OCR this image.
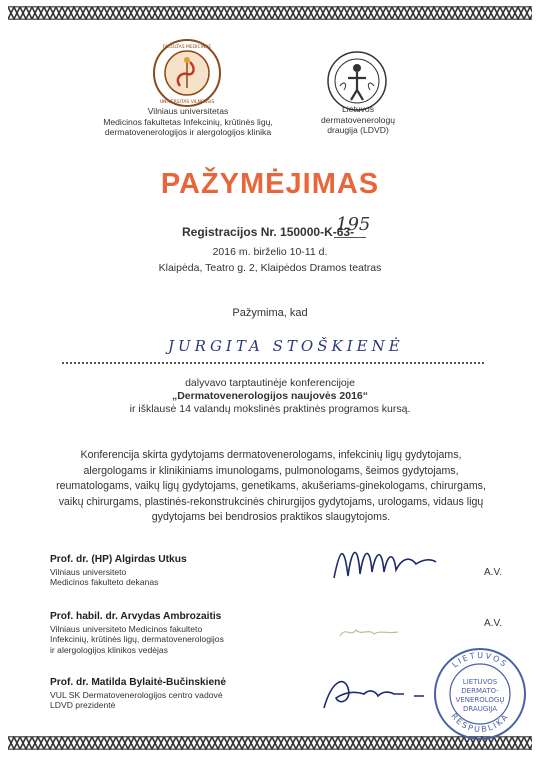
FACULTAS MEDICINAE
UNIVERSITAS VILNENSIS
Vilniaus universitetas
Medicinos fakultetas Infekcinių, krūtinės ligų,
dermatovenerologijos ir alergologijos klinika
Lietuvos dermatovenerologų
draugija (LDVD)
PAŽYMĖJIMAS
Registracijos Nr. 150000-K-63-
195
2016 m. birželio 10-11 d.
Klaipėda, Teatro g. 2, Klaipėdos Dramos teatras
Pažymima, kad
JURGITA STOŠKIENĖ
dalyvavo tarptautinėje konferencijoje
„Dermatovenerologijos naujovės 2016“
ir išklausė 14 valandų mokslinės praktinės programos kursą.
Konferencija skirta gydytojams dermatovenerologams, infekcinių ligų gydytojams, alergologams ir klinikiniams imunologams, pulmonologams, šeimos gydytojams, reumatologams, vaikų ligų gydytojams, genetikams, akušeriams-ginekologams, chirurgams, vaikų chirurgams, plastinės-rekonstrukcinės chirurgijos gydytojams, urologams, vidaus ligų gydytojams bei bendrosios praktikos slaugytojoms.
Prof. dr. (HP) Algirdas Utkus
Vilniaus universiteto
Medicinos fakulteto dekanas
A.V.
Prof. habil. dr. Arvydas Ambrozaitis
Vilniaus universiteto Medicinos fakulteto
Infekcinių, krūtinės ligų, dermatovenerologijos
ir alergologijos klinikos vedėjas
A.V.
Prof. dr. Matilda Bylaitė-Bučinskienė
VUL SK Dermatovenerologijos centro vadovė
LDVD prezidentė
LIETUVOS
RESPUBLIKA
LIETUVOS
DERMATO-
VENEROLOGŲ
DRAUGIJA
